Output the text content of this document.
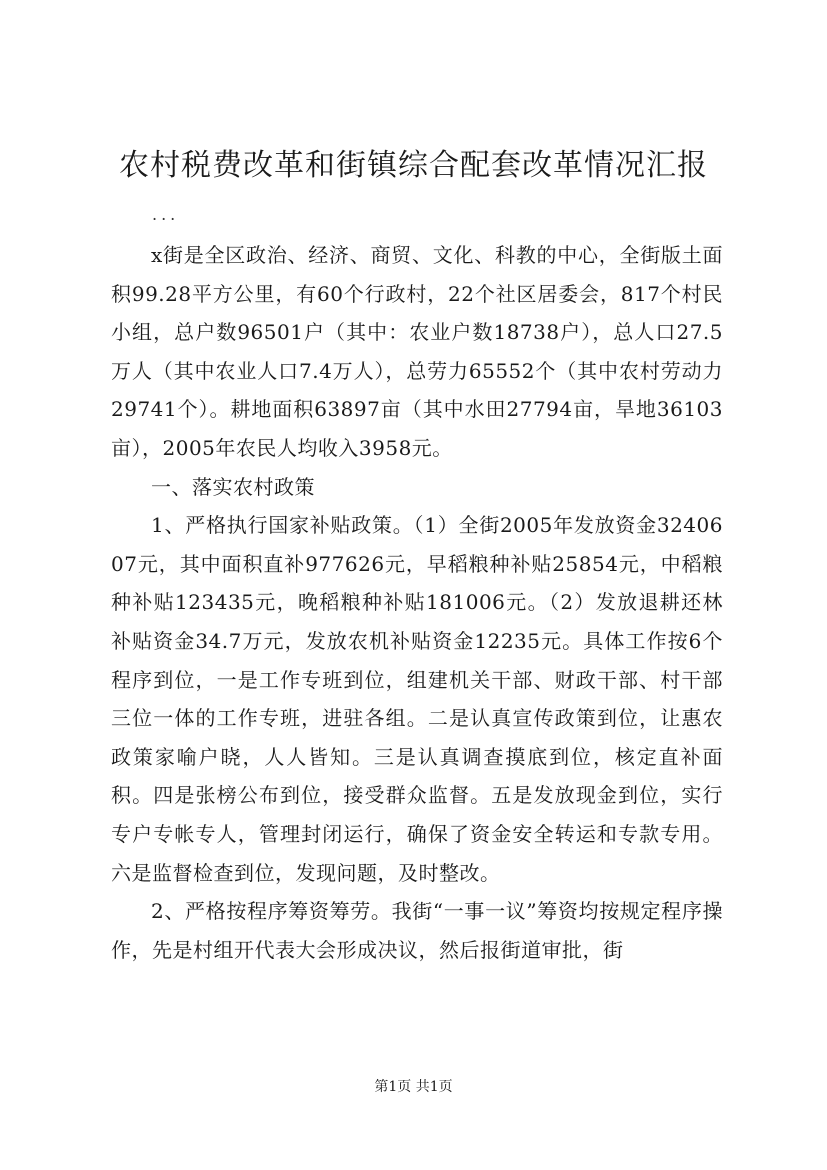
农村税费改革和街镇综合配套改革情况汇报
...

x街是全区政治、经济、商贸、文化、科教的中心，全街版土面积99.28平方公里，有60个行政村，22个社区居委会，817个村民小组，总户数96501户（其中：农业户数18738户），总人口27.5万人（其中农业人口7.4万人），总劳力65552个（其中农村劳动力29741个）。耕地面积63897亩（其中水田27794亩，旱地36103亩），2005年农民人均收入3958元。

一、落实农村政策

1、严格执行国家补贴政策。（1）全街2005年发放资金3240607元，其中面积直补977626元，早稻粮种补贴25854元，中稻粮种补贴123435元，晚稻粮种补贴181006元。（2）发放退耕还林补贴资金34.7万元，发放农机补贴资金12235元。具体工作按6个程序到位，一是工作专班到位，组建机关干部、财政干部、村干部三位一体的工作专班，进驻各组。二是认真宣传政策到位，让惠农政策家喻户晓，人人皆知。三是认真调查摸底到位，核定直补面积。四是张榜公布到位，接受群众监督。五是发放现金到位，实行专户专帐专人，管理封闭运行，确保了资金安全转运和专款专用。六是监督检查到位，发现问题，及时整改。

2、严格按程序筹资筹劳。我街“一事一议”筹资均按规定程序操作，先是村组开代表大会形成决议，然后报街道审批，街

第1页 共1页
